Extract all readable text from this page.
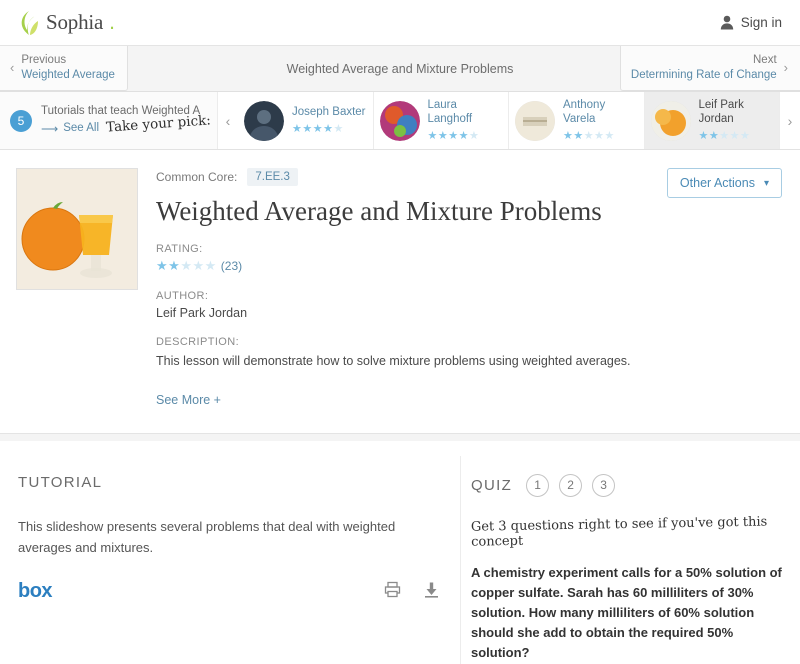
Sophia .	Sign in
‹ Previous
Weighted Average	Weighted Average and Mixture Problems
Next
Determining Rate of Change ›
5
Tutorials that teach Weighted A
⟶ See All Take your pick:	‹
Joseph Baxter
★★★★★
Laura Langhoff
★★★★★
Anthony Varela
★★★★★
Leif Park Jordan
★★★★★
›
Common Core:	7.EE.3
Weighted Average and Mixture Problems
RATING:
★★★★★ (23)
AUTHOR:
Leif Park Jordan
DESCRIPTION:
This lesson will demonstrate how to solve mixture problems using weighted averages.
See More +
Other Actions ▾
TUTORIAL
This slideshow presents several problems that deal with weighted averages and mixtures.
box
QUIZ	1	2	3
Get 3 questions right to see if you've got this concept
A chemistry experiment calls for a 50% solution of copper sulfate. Sarah has 60 milliliters of 30% solution. How many milliliters of 60% solution should she add to obtain the required 50% solution?
